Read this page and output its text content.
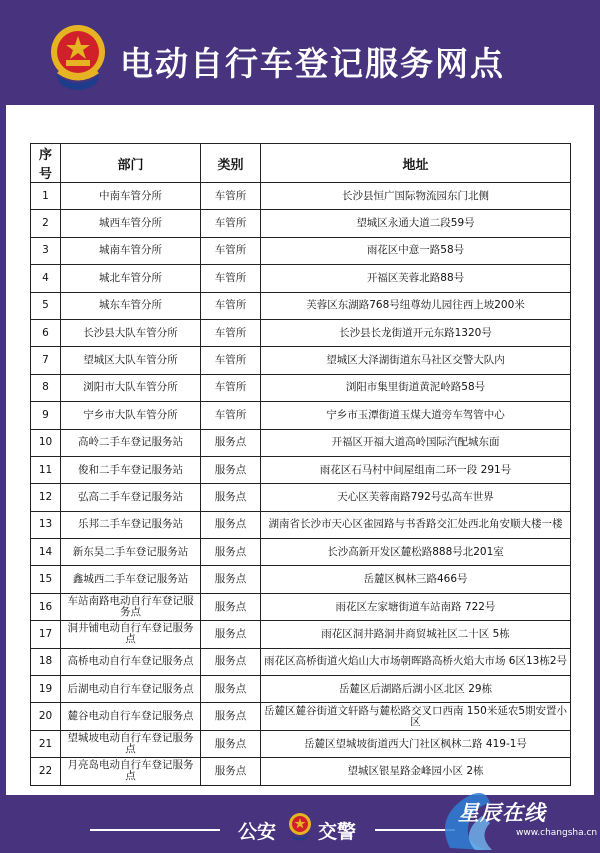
电动自行车登记服务网点
序号	部门	类别	地址
1	中南车管分所	车管所	长沙县恒广国际物流园东门北侧
2	城西车管分所	车管所	望城区永通大道二段59号
3	城南车管分所	车管所	雨花区中意一路58号
4	城北车管分所	车管所	开福区芙蓉北路88号
5	城东车管分所	车管所	芙蓉区东湖路768号纽尊幼儿园往西上坡200米
6	长沙县大队车管分所	车管所	长沙县长龙街道开元东路1320号
7	望城区大队车管分所	车管所	望城区大泽湖街道东马社区交警大队内
8	浏阳市大队车管分所	车管所	浏阳市集里街道黄泥岭路58号
9	宁乡市大队车管分所	车管所	宁乡市玉潭街道玉煤大道旁车驾管中心
10	高岭二手车登记服务站	服务点	开福区开福大道高岭国际汽配城东面
11	俊和二手车登记服务站	服务点	雨花区石马村中间屋组南二环一段 291号
12	弘高二手车登记服务站	服务点	天心区芙蓉南路792号弘高车世界
13	乐邦二手车登记服务站	服务点	湖南省长沙市天心区雀园路与书香路交汇处西北角安顺大楼一楼
14	新东昊二手车登记服务站	服务点	长沙高新开发区麓松路888号北201室
15	鑫城西二手车登记服务站	服务点	岳麓区枫林三路466号
16	车站南路电动自行车登记服务点	服务点	雨花区左家塘街道车站南路 722号
17	洞井铺电动自行车登记服务点	服务点	雨花区洞井路洞井商贸城社区二十区 5栋
18	高桥电动自行车登记服务点	服务点	雨花区高桥街道火焰山大市场朝晖路高桥火焰大市场 6区13栋2号
19	后湖电动自行车登记服务点	服务点	岳麓区后湖路后湖小区北区 29栋
20	麓谷电动自行车登记服务点	服务点	岳麓区麓谷街道文轩路与麓松路交叉口西南 150米延农5期安置小区
21	望城坡电动自行车登记服务点	服务点	岳麓区望城坡街道西大门社区枫林二路 419-1号
22	月亮岛电动自行车登记服务点	服务点	望城区银星路金峰园小区 2栋
公安 交警
星辰在线
www.changsha.cn
